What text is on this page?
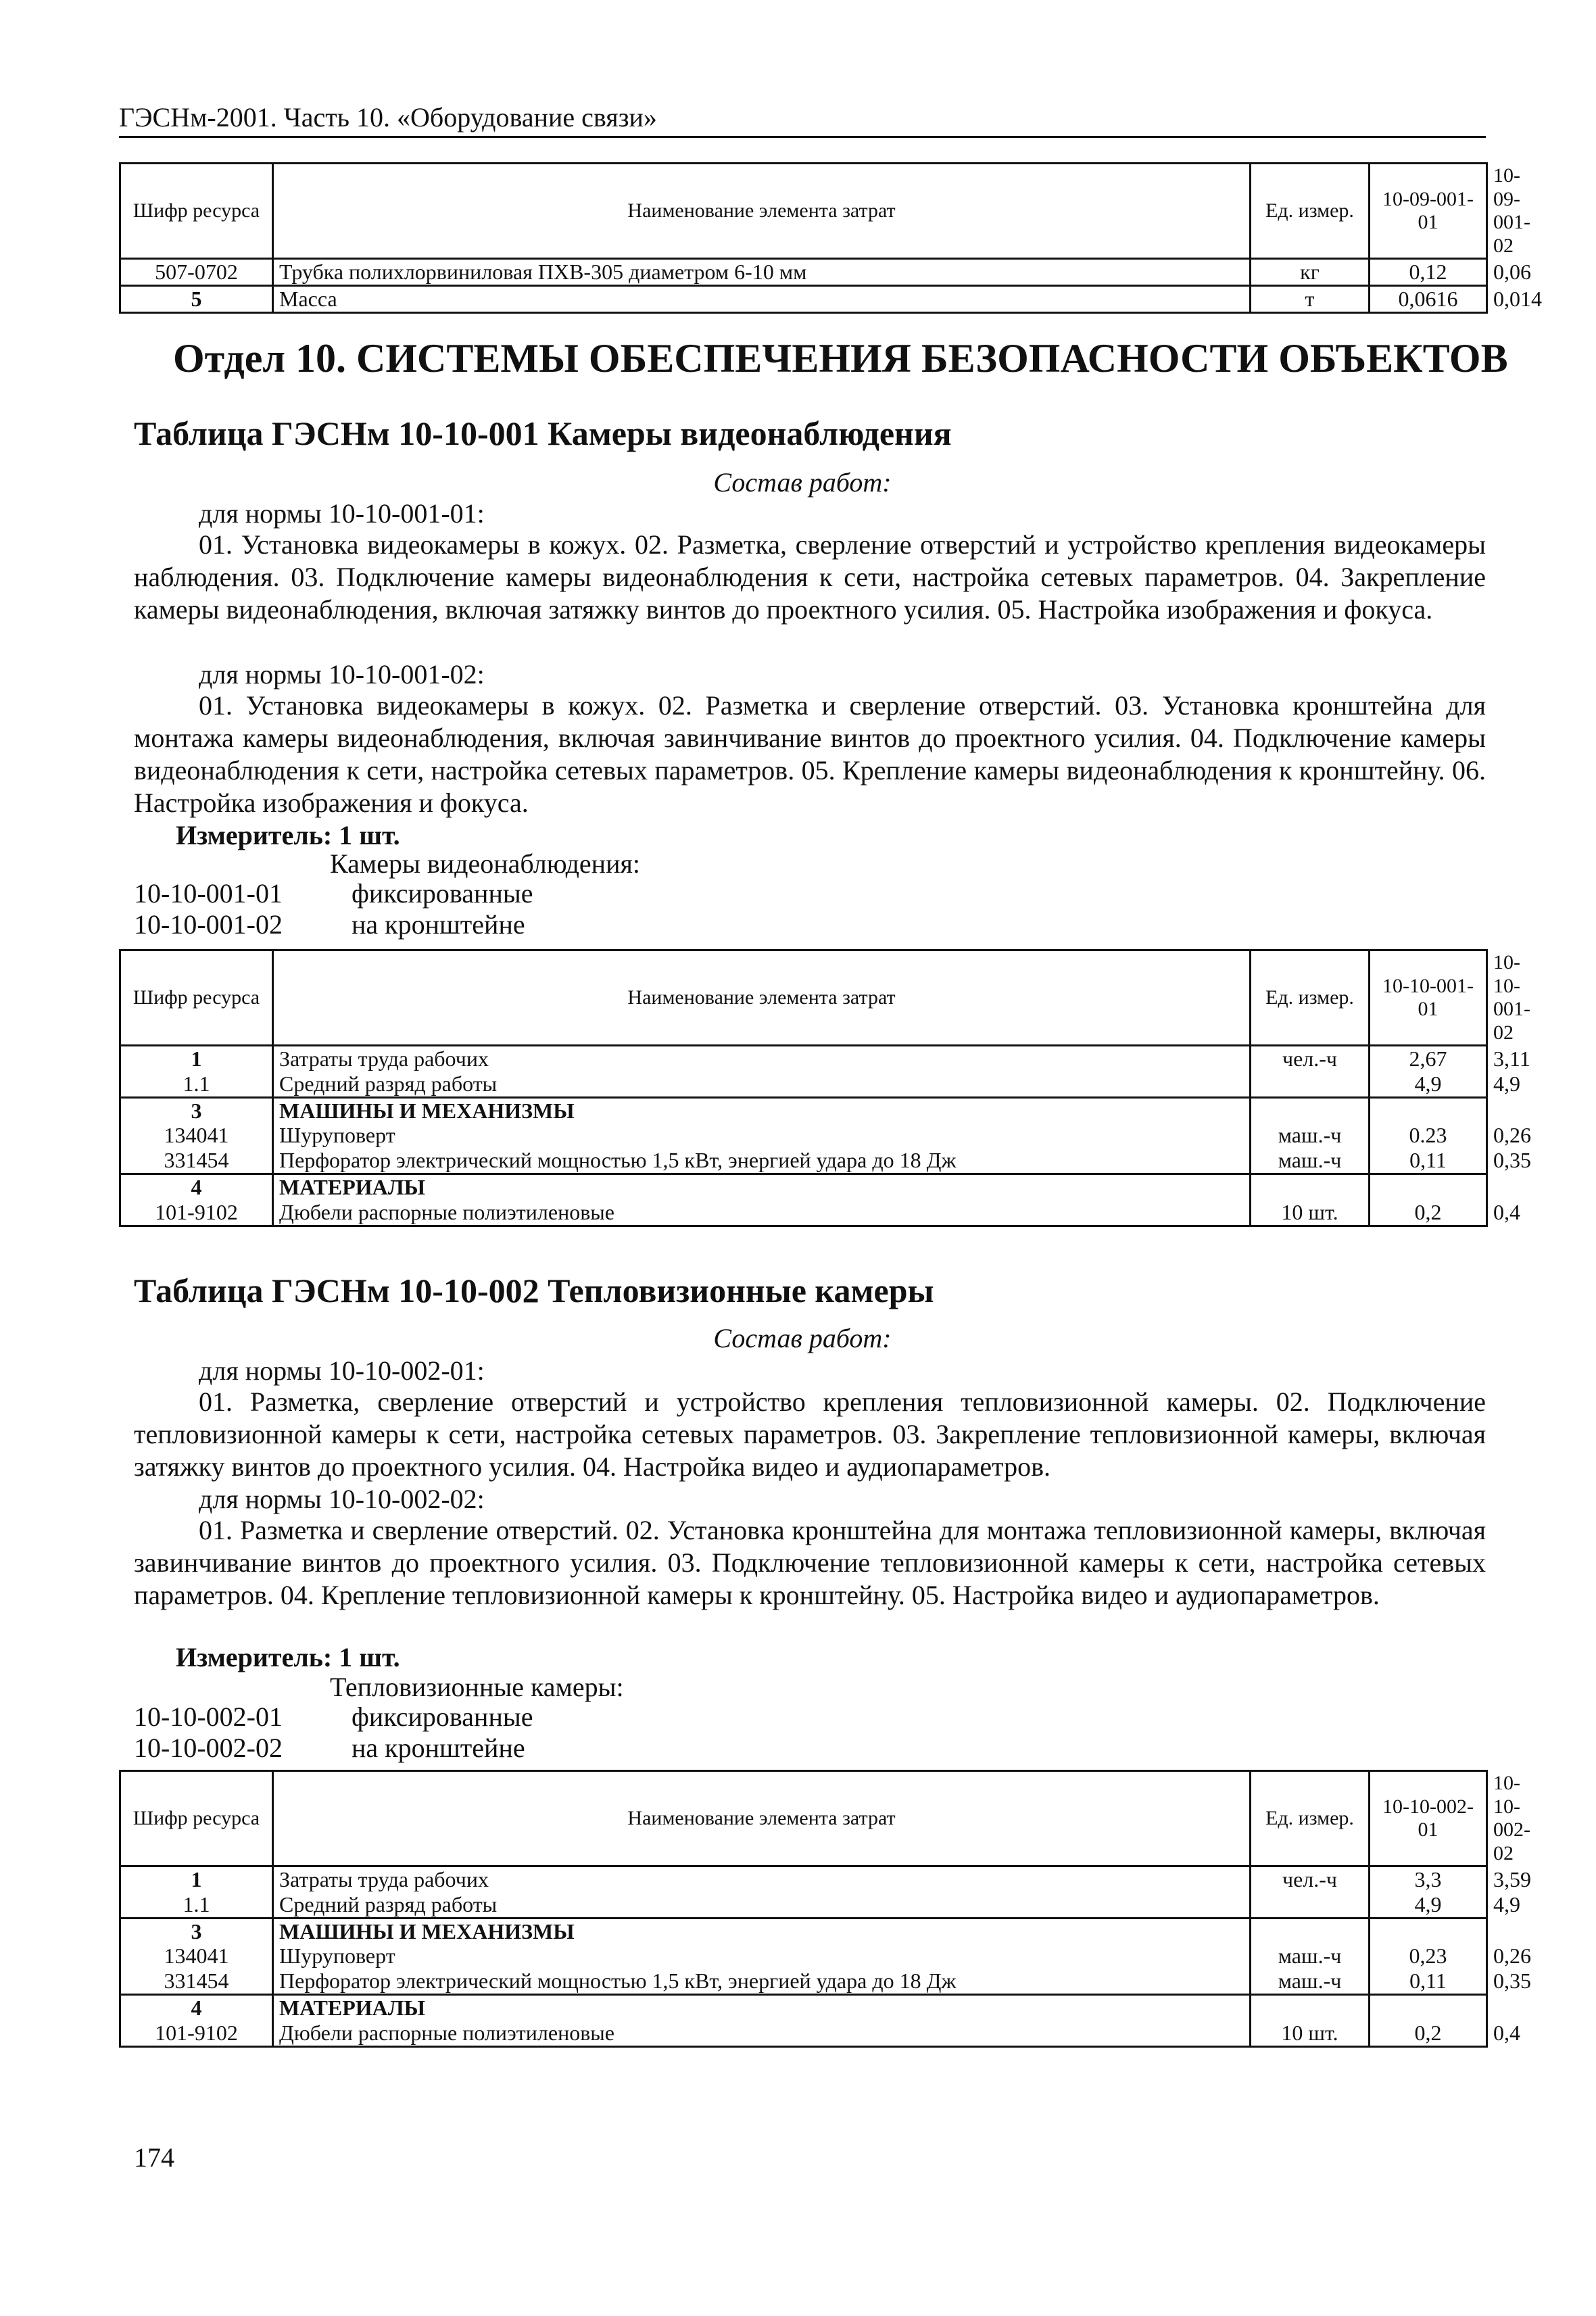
ГЭСНм-2001. Часть 10. «Оборудование связи»
Шифр ресурса	Наименование элемента затрат	Ед. измер.	10-09-001-01	10-09-001-02
507-0702	Трубка полихлорвиниловая ПХВ-305 диаметром 6-10 мм	кг	0,12	0,06
5	Масса	т	0,0616	0,014
Отдел 10. СИСТЕМЫ ОБЕСПЕЧЕНИЯ БЕЗОПАСНОСТИ ОБЪЕКТОВ
Таблица ГЭСНм 10-10-001 Камеры видеонаблюдения
Состав работ:
для нормы 10-10-001-01:
01. Установка видеокамеры в кожух. 02. Разметка, сверление отверстий и устройство крепления видеокамеры наблюдения. 03. Подключение камеры видеонаблюдения к сети, настройка сетевых параметров. 04. Закрепление камеры видеонаблюдения, включая затяжку винтов до проектного усилия. 05. Настройка изображения и фокуса.
для нормы 10-10-001-02:
01. Установка видеокамеры в кожух. 02. Разметка и сверление отверстий. 03. Установка кронштейна для монтажа камеры видеонаблюдения, включая завинчивание винтов до проектного усилия. 04. Подключение камеры видеонаблюдения к сети, настройка сетевых параметров. 05. Крепление камеры видеонаблюдения к кронштейну. 06. Настройка изображения и фокуса.
Измеритель: 1 шт.
Камеры видеонаблюдения:
10-10-001-01	фиксированные
10-10-001-02	на кронштейне
Шифр ресурса	Наименование элемента затрат	Ед. измер.	10-10-001-01	10-10-001-02
1	Затраты труда рабочих	чел.-ч	2,67	3,11
1.1	Средний разряд работы		4,9	4,9
3	МАШИНЫ И МЕХАНИЗМЫ			
134041	Шуруповерт	маш.-ч	0.23	0,26
331454	Перфоратор электрический мощностью 1,5 кВт, энергией удара до 18 Дж	маш.-ч	0,11	0,35
4	МАТЕРИАЛЫ			
101-9102	Дюбели распорные полиэтиленовые	10 шт.	0,2	0,4
Таблица ГЭСНм 10-10-002 Тепловизионные камеры
Состав работ:
для нормы 10-10-002-01:
01. Разметка, сверление отверстий и устройство крепления тепловизионной камеры. 02. Подключение тепловизионной камеры к сети, настройка сетевых параметров. 03. Закрепление тепловизионной камеры, включая затяжку винтов до проектного усилия. 04. Настройка видео и аудиопараметров.
для нормы 10-10-002-02:
01. Разметка и сверление отверстий. 02. Установка кронштейна для монтажа тепловизионной камеры, включая завинчивание винтов до проектного усилия. 03. Подключение тепловизионной камеры к сети, настройка сетевых параметров. 04. Крепление тепловизионной камеры к кронштейну. 05. Настройка видео и аудиопараметров.
Измеритель: 1 шт.
Тепловизионные камеры:
10-10-002-01	фиксированные
10-10-002-02	на кронштейне
Шифр ресурса	Наименование элемента затрат	Ед. измер.	10-10-002-01	10-10-002-02
1	Затраты труда рабочих	чел.-ч	3,3	3,59
1.1	Средний разряд работы		4,9	4,9
3	МАШИНЫ И МЕХАНИЗМЫ			
134041	Шуруповерт	маш.-ч	0,23	0,26
331454	Перфоратор электрический мощностью 1,5 кВт, энергией удара до 18 Дж	маш.-ч	0,11	0,35
4	МАТЕРИАЛЫ			
101-9102	Дюбели распорные полиэтиленовые	10 шт.	0,2	0,4
174
